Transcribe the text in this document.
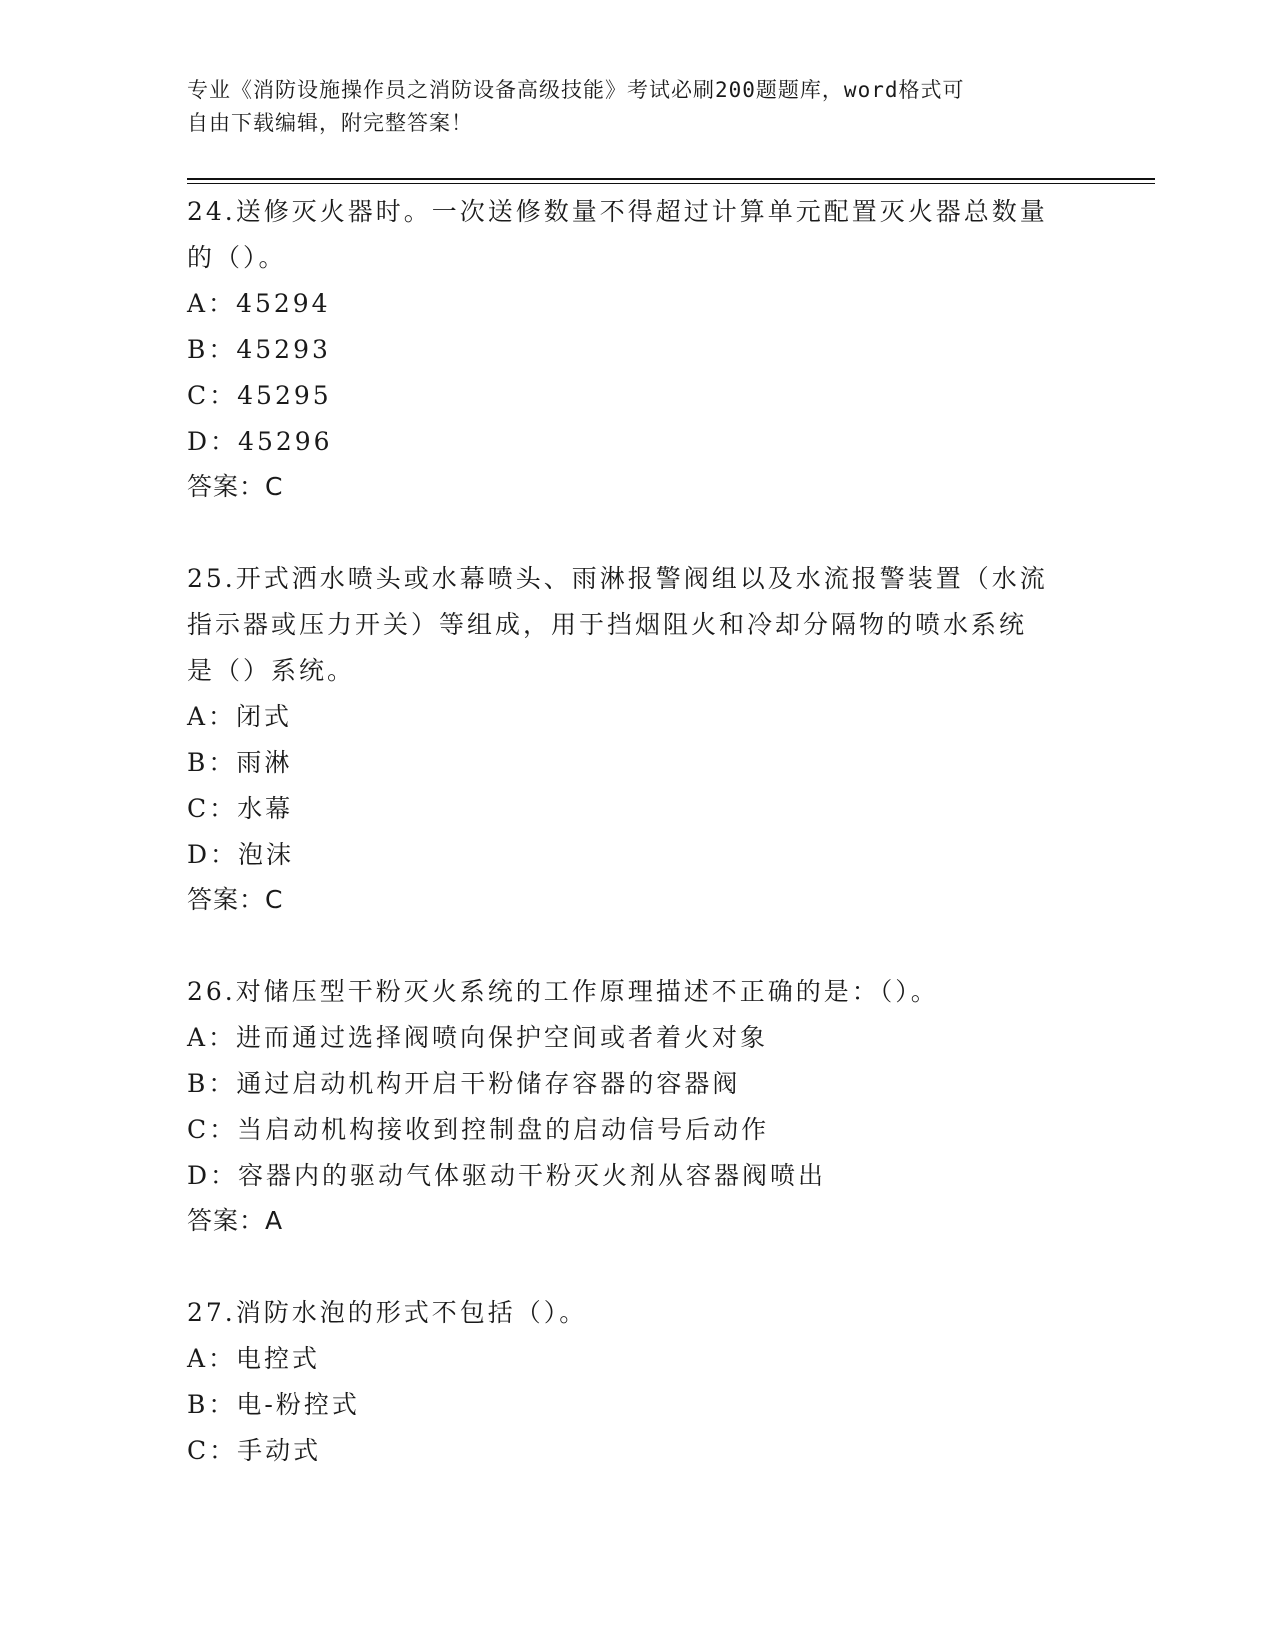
专业《消防设施操作员之消防设备高级技能》考试必刷200题题库，word格式可
自由下载编辑，附完整答案！

24.送修灭火器时。一次送修数量不得超过计算单元配置灭火器总数量

的（）。

A：45294

B：45293

C：45295

D：45296

答案：C

25.开式洒水喷头或水幕喷头、雨淋报警阀组以及水流报警装置（水流

指示器或压力开关）等组成，用于挡烟阻火和冷却分隔物的喷水系统

是（）系统。

A：闭式

B：雨淋

C：水幕

D：泡沫

答案：C

26.对储压型干粉灭火系统的工作原理描述不正确的是：（）。

A：进而通过选择阀喷向保护空间或者着火对象

B：通过启动机构开启干粉储存容器的容器阀

C：当启动机构接收到控制盘的启动信号后动作

D：容器内的驱动气体驱动干粉灭火剂从容器阀喷出

答案：A

27.消防水泡的形式不包括（）。

A：电控式

B：电-粉控式

C：手动式
